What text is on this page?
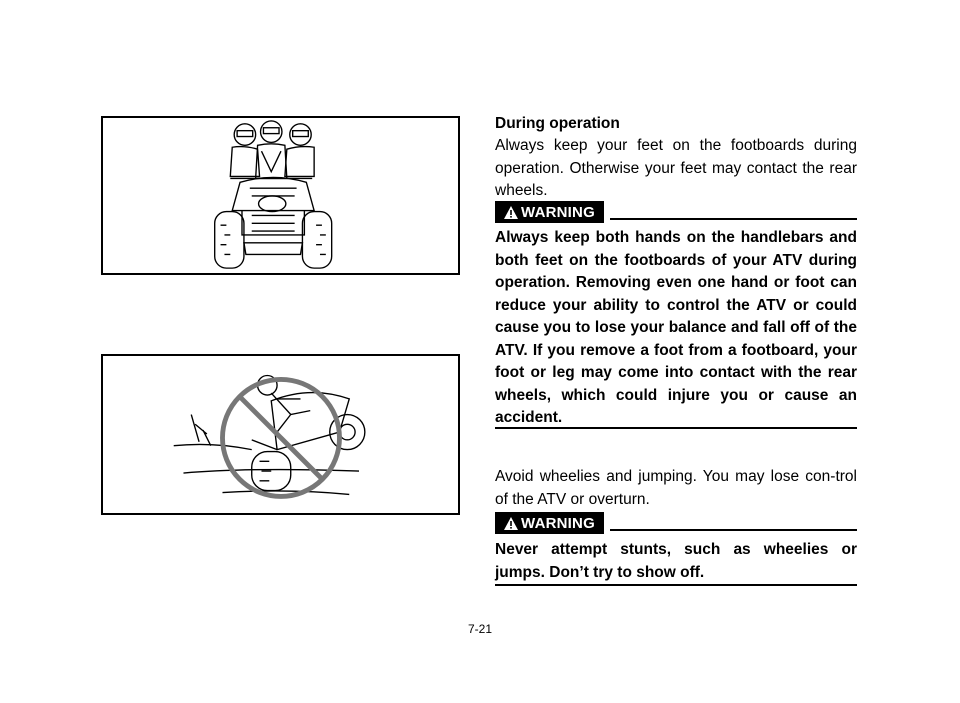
During operation
Always keep your feet on the footboards during operation. Otherwise your feet may contact the rear wheels.
WARNING
Always keep both hands on the handlebars and both feet on the footboards of your ATV during operation. Removing even one hand or foot can reduce your ability to control the ATV or could cause you to lose your balance and fall off of the ATV. If you remove a foot from a footboard, your foot or leg may come into contact with the rear wheels, which could injure you or cause an accident.
Avoid wheelies and jumping. You may lose con-trol of the ATV or overturn.
WARNING
Never attempt stunts, such as wheelies or jumps. Don’t try to show off.
7-21
